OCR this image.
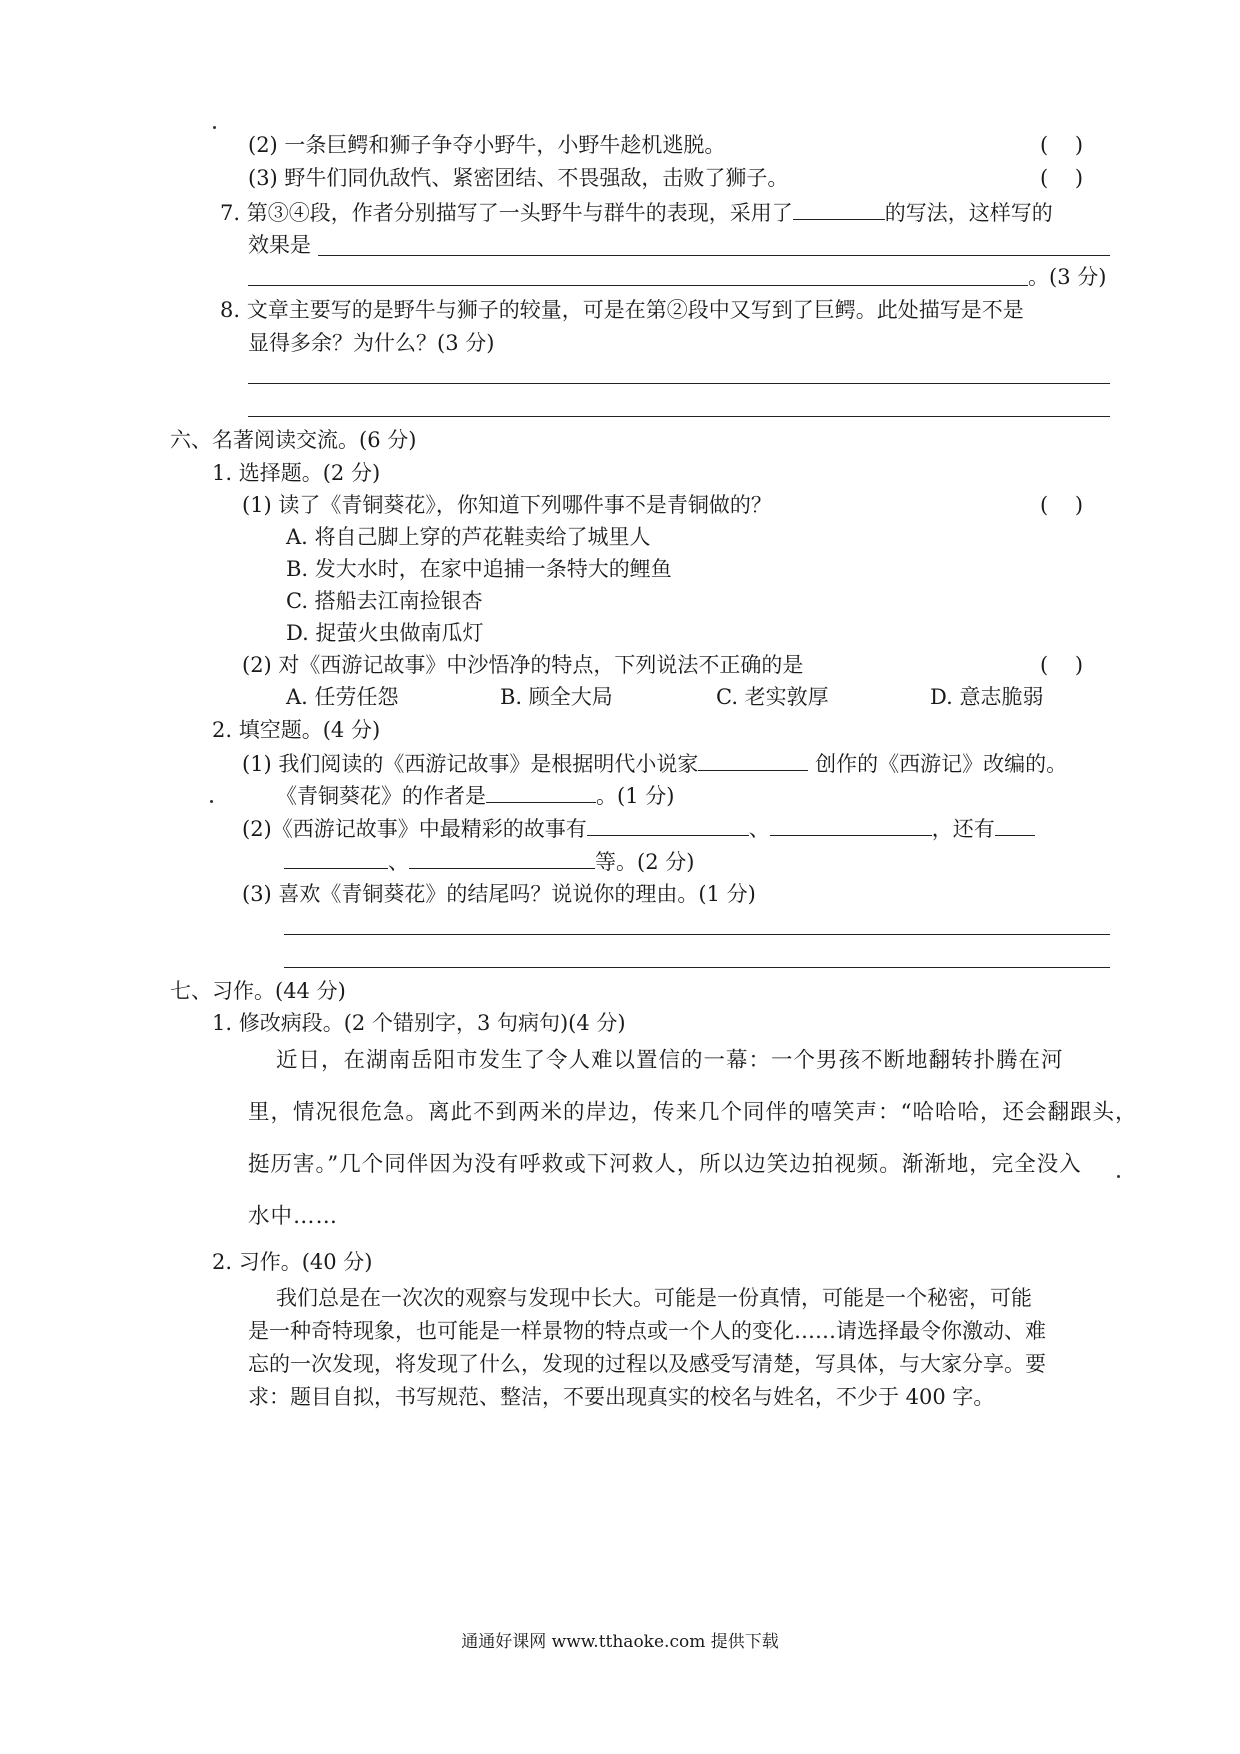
(2) 一条巨鳄和狮子争夺小野牛，小野牛趁机逃脱。	(    )
(3) 野牛们同仇敌忾、紧密团结、不畏强敌，击败了狮子。	(    )
7. 第③④段，作者分别描写了一头野牛与群牛的表现，采用了	的写法，这样写的
效果是
。(3 分)
8. 文章主要写的是野牛与狮子的较量，可是在第②段中又写到了巨鳄。此处描写是不是
显得多余？为什么？(3 分)
六、名著阅读交流。(6 分)
1. 选择题。(2 分)
(1) 读了《青铜葵花》，你知道下列哪件事不是青铜做的？	(    )
A. 将自己脚上穿的芦花鞋卖给了城里人
B. 发大水时，在家中追捕一条特大的鲤鱼
C. 搭船去江南捡银杏
D. 捉萤火虫做南瓜灯
(2) 对《西游记故事》中沙悟净的特点，下列说法不正确的是	(    )
A. 任劳任怨	B. 顾全大局	C. 老实敦厚	D. 意志脆弱
2. 填空题。(4 分)
(1) 我们阅读的《西游记故事》是根据明代小说家	创作的《西游记》改编的。
《青铜葵花》的作者是	。(1 分)
(2)《西游记故事》中最精彩的故事有	、	，还有
、	等。(2 分)
(3) 喜欢《青铜葵花》的结尾吗？说说你的理由。(1 分)
七、习作。(44 分)
1. 修改病段。(2 个错别字，3 句病句)(4 分)
近日，在湖南岳阳市发生了令人难以置信的一幕：一个男孩不断地翻转扑腾在河
里，情况很危急。离此不到两米的岸边，传来几个同伴的嘻笑声：“哈哈哈，还会翻跟头，
挺历害。”几个同伴因为没有呼救或下河救人，所以边笑边拍视频。渐渐地，完全没入
水中……
2. 习作。(40 分)
我们总是在一次次的观察与发现中长大。可能是一份真情，可能是一个秘密，可能
是一种奇特现象，也可能是一样景物的特点或一个人的变化……请选择最令你激动、难
忘的一次发现，将发现了什么，发现的过程以及感受写清楚，写具体，与大家分享。要
求：题目自拟，书写规范、整洁，不要出现真实的校名与姓名，不少于 400 字。
通通好课网 www.tthaoke.com 提供下载
